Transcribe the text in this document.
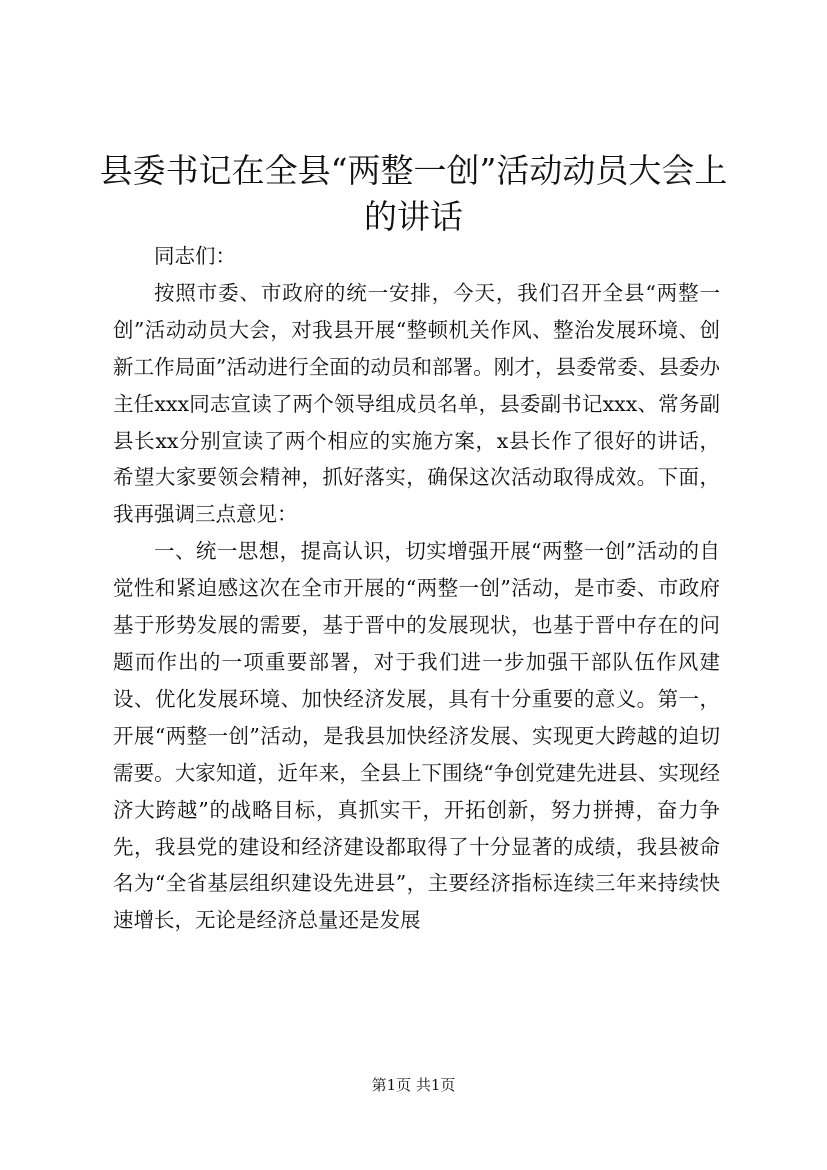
县委书记在全县“两整一创”活动动员大会上的讲话

同志们：

按照市委、市政府的统一安排，今天，我们召开全县“两整一创”活动动员大会，对我县开展“整顿机关作风、整治发展环境、创新工作局面”活动进行全面的动员和部署。刚才，县委常委、县委办主任xxx同志宣读了两个领导组成员名单，县委副书记xxx、常务副县长xx分别宣读了两个相应的实施方案，x县长作了很好的讲话，希望大家要领会精神，抓好落实，确保这次活动取得成效。下面，我再强调三点意见：

一、统一思想，提高认识，切实增强开展“两整一创”活动的自觉性和紧迫感这次在全市开展的“两整一创”活动，是市委、市政府基于形势发展的需要，基于晋中的发展现状，也基于晋中存在的问题而作出的一项重要部署，对于我们进一步加强干部队伍作风建设、优化发展环境、加快经济发展，具有十分重要的意义。第一，开展“两整一创”活动，是我县加快经济发展、实现更大跨越的迫切需要。大家知道，近年来，全县上下围绕“争创党建先进县、实现经济大跨越”的战略目标，真抓实干，开拓创新，努力拼搏，奋力争先，我县党的建设和经济建设都取得了十分显著的成绩，我县被命名为“全省基层组织建设先进县”，主要经济指标连续三年来持续快速增长，无论是经济总量还是发展

第1页 共1页
